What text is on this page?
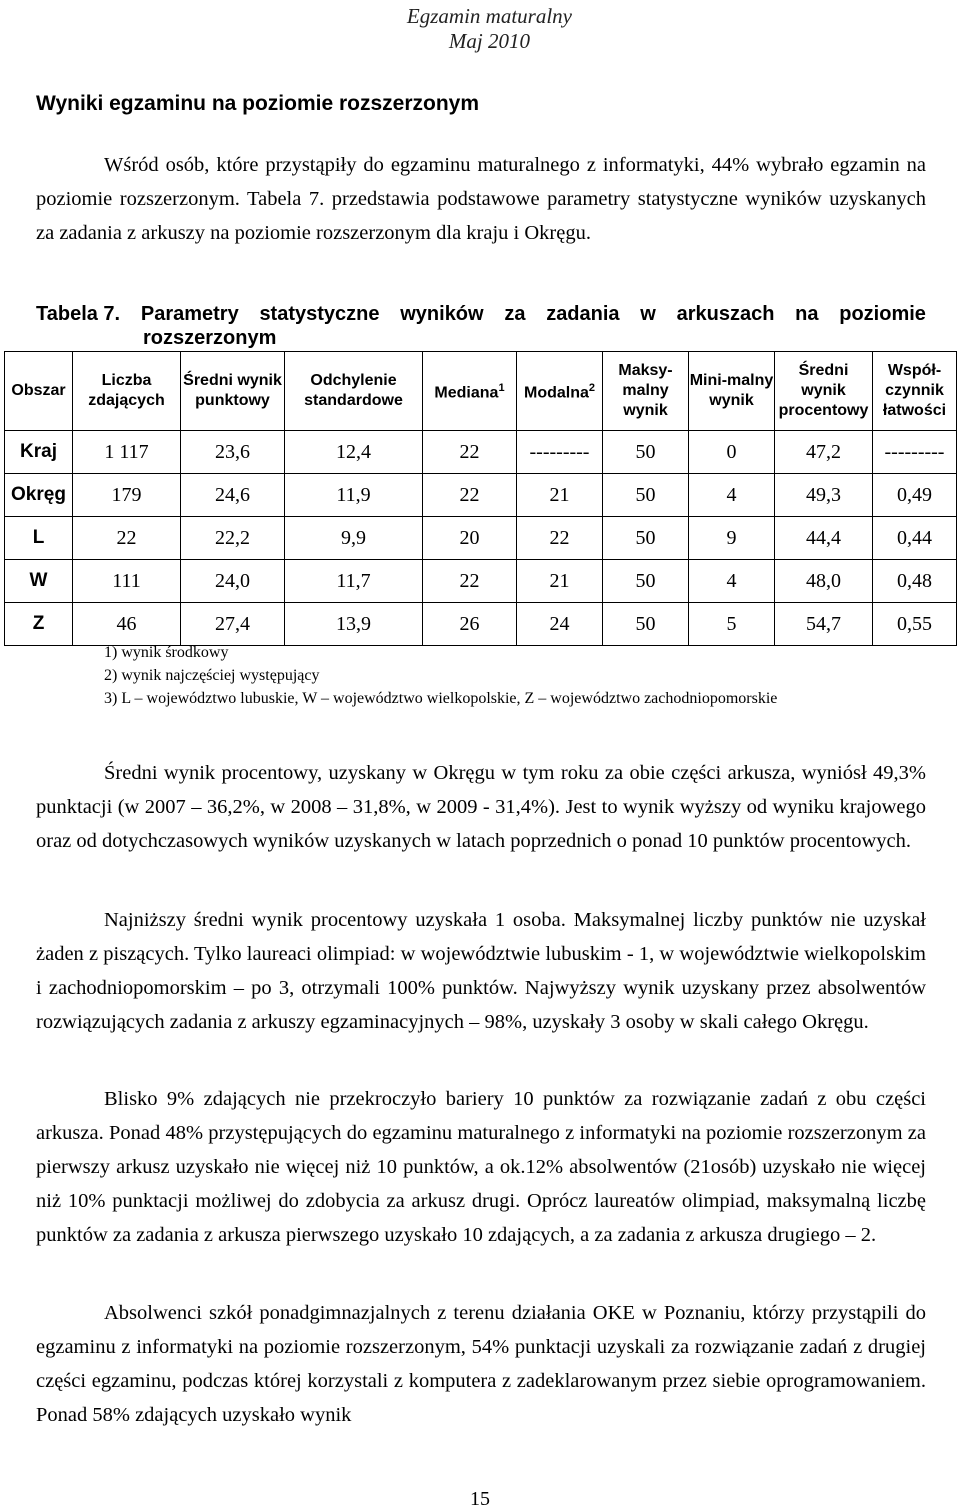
Egzamin maturalny
Maj 2010
Wyniki egzaminu na poziomie rozszerzonym

Wśród osób, które przystąpiły do egzaminu maturalnego z informatyki, 44% wybrało egzamin na poziomie rozszerzonym. Tabela 7. przedstawia podstawowe parametry statystyczne wyników uzyskanych za zadania z arkuszy na poziomie rozszerzonym dla kraju i Okręgu.

Tabela 7. Parametry statystyczne wyników za zadania w arkuszach na poziomie
rozszerzonym
Obszar	Liczba zdających	Średni wynik punktowy	Odchylenie standardowe	Mediana$^1$	Modalna$^2$	Maksy-malny wynik	Mini-malny wynik	Średni wynik procentowy	Współ-czynnik łatwości
Kraj	1 117	23,6	12,4	22	---------	50	0	47,2	---------
Okręg	179	24,6	11,9	22	21	50	4	49,3	0,49
L	22	22,2	9,9	20	22	50	9	44,4	0,44
W	111	24,0	11,7	22	21	50	4	48,0	0,48
Z	46	27,4	13,9	26	24	50	5	54,7	0,55
1) wynik środkowy
2) wynik najczęściej występujący
3) L – województwo lubuskie, W – województwo wielkopolskie, Z – województwo zachodniopomorskie

Średni wynik procentowy, uzyskany w Okręgu w tym roku za obie części arkusza, wyniósł 49,3% punktacji (w 2007 – 36,2%, w 2008 – 31,8%, w 2009 - 31,4%). Jest to wynik wyższy od wyniku krajowego oraz od dotychczasowych wyników uzyskanych w latach poprzednich o ponad 10 punktów procentowych.

Najniższy średni wynik procentowy uzyskała 1 osoba. Maksymalnej liczby punktów nie uzyskał żaden z piszących. Tylko laureaci olimpiad: w województwie lubuskim - 1, w województwie wielkopolskim i zachodniopomorskim – po 3, otrzymali 100% punktów. Najwyższy wynik uzyskany przez absolwentów rozwiązujących zadania z arkuszy egzaminacyjnych – 98%, uzyskały 3 osoby w skali całego Okręgu.

Blisko 9% zdających nie przekroczyło bariery 10 punktów za rozwiązanie zadań z obu części arkusza. Ponad 48% przystępujących do egzaminu maturalnego z informatyki na poziomie rozszerzonym za pierwszy arkusz uzyskało nie więcej niż 10 punktów, a ok.12% absolwentów (21osób) uzyskało nie więcej niż 10% punktacji możliwej do zdobycia za arkusz drugi. Oprócz laureatów olimpiad, maksymalną liczbę punktów za zadania z arkusza pierwszego uzyskało 10 zdających, a za zadania z arkusza drugiego – 2.

Absolwenci szkół ponadgimnazjalnych z terenu działania OKE w Poznaniu, którzy przystąpili do egzaminu z informatyki na poziomie rozszerzonym, 54% punktacji uzyskali za rozwiązanie zadań z drugiej części egzaminu, podczas której korzystali z komputera z zadeklarowanym przez siebie oprogramowaniem. Ponad 58% zdających uzyskało wynik

15
